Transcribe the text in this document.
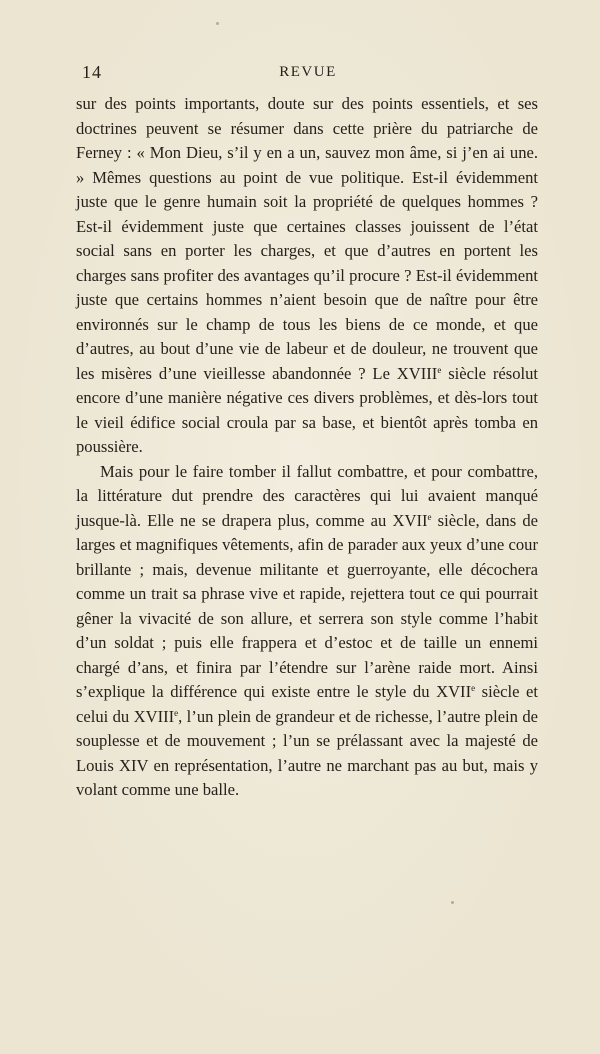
14	REVUE

sur des points importants, doute sur des points essentiels, et ses doctrines peuvent se résumer dans cette prière du patriarche de Ferney : « Mon Dieu, s’il y en a un, sauvez mon âme, si j’en ai une. » Mêmes questions au point de vue politique. Est-il évidemment juste que le genre humain soit la propriété de quelques hommes ? Est-il évidemment juste que certaines classes jouissent de l’état social sans en porter les charges, et que d’autres en portent les charges sans profiter des avantages qu’il procure ? Est-il évidemment juste que certains hommes n’aient besoin que de naître pour être environnés sur le champ de tous les biens de ce monde, et que d’autres, au bout d’une vie de labeur et de douleur, ne trouvent que les misères d’une vieillesse abandonnée ? Le XVIIIe siècle résolut encore d’une manière négative ces divers problèmes, et dès-lors tout le vieil édifice social croula par sa base, et bientôt après tomba en poussière.

Mais pour le faire tomber il fallut combattre, et pour combattre, la littérature dut prendre des caractères qui lui avaient manqué jusque-là. Elle ne se drapera plus, comme au XVIIe siècle, dans de larges et magnifiques vêtements, afin de parader aux yeux d’une cour brillante ; mais, devenue militante et guerroyante, elle décochera comme un trait sa phrase vive et rapide, rejettera tout ce qui pourrait gêner la vivacité de son allure, et serrera son style comme l’habit d’un soldat ; puis elle frappera et d’estoc et de taille un ennemi chargé d’ans, et finira par l’étendre sur l’arène raide mort. Ainsi s’explique la différence qui existe entre le style du XVIIe siècle et celui du XVIIIe, l’un plein de grandeur et de richesse, l’autre plein de souplesse et de mouvement ; l’un se prélassant avec la majesté de Louis XIV en représentation, l’autre ne marchant pas au but, mais y volant comme une balle.
